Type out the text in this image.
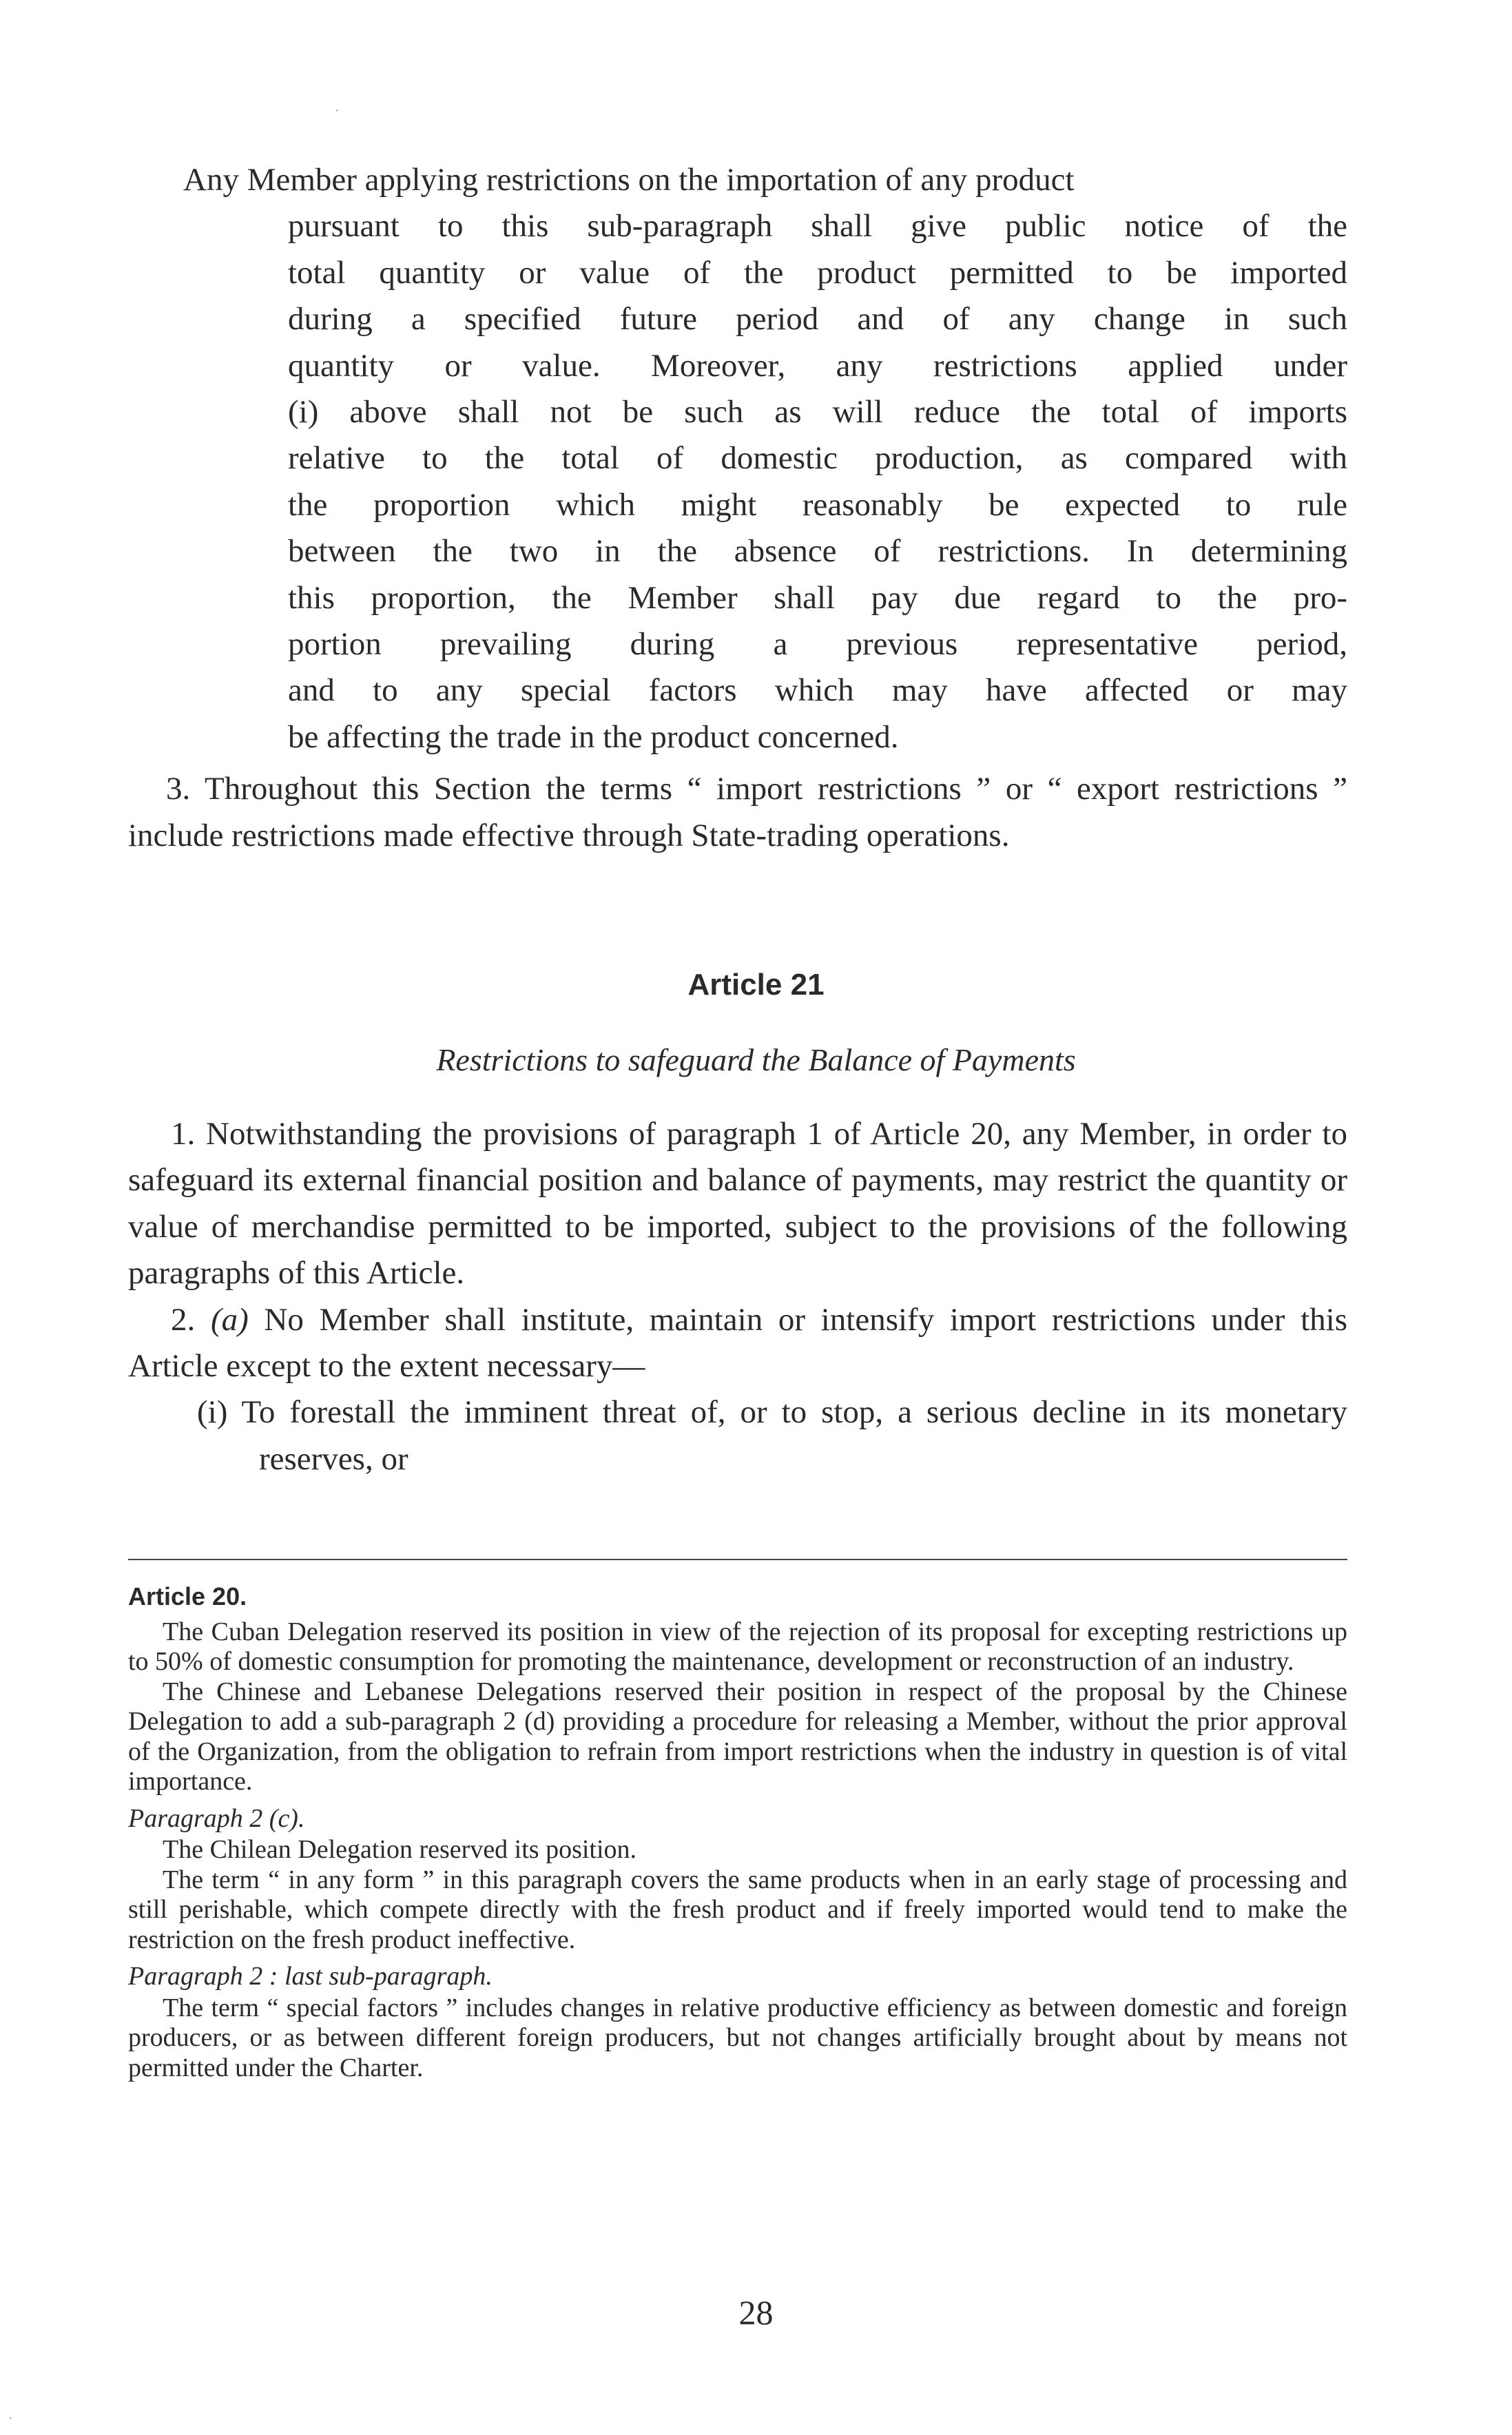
·
Any Member applying restrictions on the importation of any product
pursuant to this sub-paragraph shall give public notice of the
total quantity or value of the product permitted to be imported
during a specified future period and of any change in such
quantity or value. Moreover, any restrictions applied under
(i) above shall not be such as will reduce the total of imports
relative to the total of domestic production, as compared with
the proportion which might reasonably be expected to rule
between the two in the absence of restrictions. In determining
this proportion, the Member shall pay due regard to the pro-
portion prevailing during a previous representative period,
and to any special factors which may have affected or may
be affecting the trade in the product concerned.

3. Throughout this Section the terms “ import restrictions ” or “ export restrictions ” include restrictions made effective through State-trading operations.

Article 21
Restrictions to safeguard the Balance of Payments

1. Notwithstanding the provisions of paragraph 1 of Article 20, any Member, in order to safeguard its external financial position and balance of payments, may restrict the quantity or value of merchandise permitted to be imported, subject to the provisions of the following paragraphs of this Article.

2. (a) No Member shall institute, maintain or intensify import restrictions under this Article except to the extent necessary—

(i) To forestall the imminent threat of, or to stop, a serious decline in its monetary reserves, or

Article 20.

The Cuban Delegation reserved its position in view of the rejection of its proposal for excepting restrictions up to 50% of domestic consumption for promoting the maintenance, development or reconstruction of an industry.

The Chinese and Lebanese Delegations reserved their position in respect of the proposal by the Chinese Delegation to add a sub-paragraph 2 (d) providing a procedure for releasing a Member, without the prior approval of the Organization, from the obligation to refrain from import restrictions when the industry in question is of vital importance.

Paragraph 2 (c).

The Chilean Delegation reserved its position.

The term “ in any form ” in this paragraph covers the same products when in an early stage of processing and still perishable, which compete directly with the fresh product and if freely imported would tend to make the restriction on the fresh product ineffective.

Paragraph 2 : last sub-paragraph.

The term “ special factors ” includes changes in relative productive efficiency as between domestic and foreign producers, or as between different foreign producers, but not changes artificially brought about by means not permitted under the Charter.

28
·
